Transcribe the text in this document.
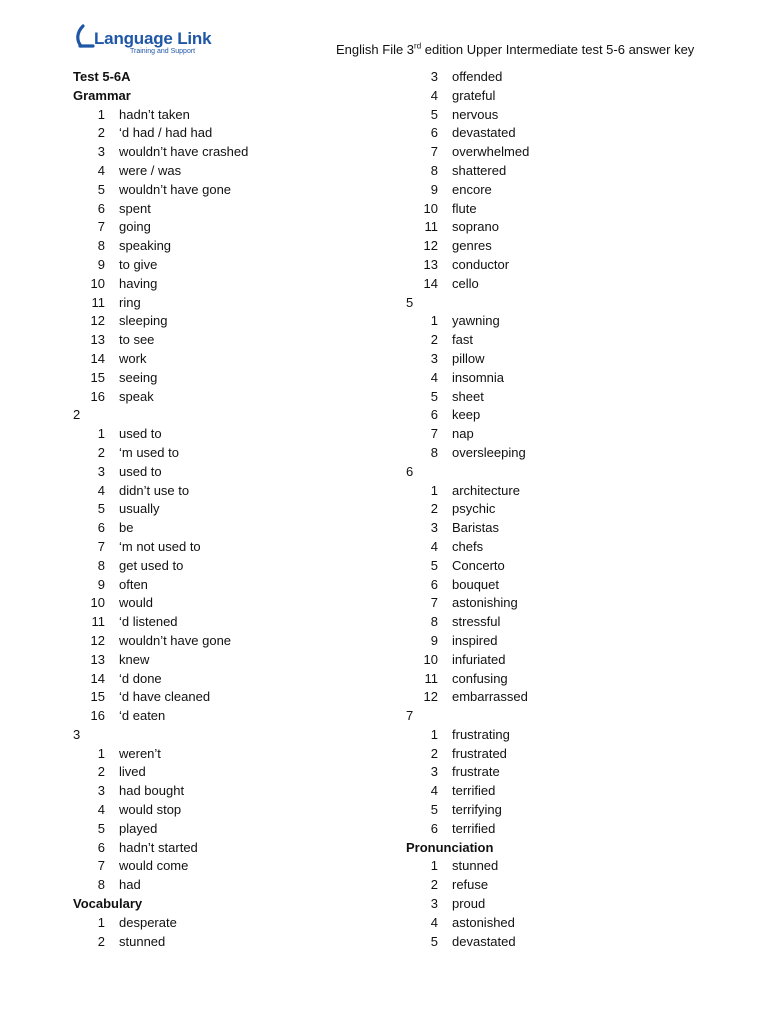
Language Link
Training and Support	English File 3rd edition Upper Intermediate test 5-6 answer key
Test 5-6A
Grammar
1 hadn’t taken
2 ‘d had / had had
3 wouldn’t have crashed
4 were / was
5 wouldn’t have gone
6 spent
7 going
8 speaking
9 to give
10 having
11 ring
12 sleeping
13 to see
14 work
15 seeing
16 speak
2
1 used to
2 ‘m used to
3 used to
4 didn’t use to
5 usually
6 be
7 ‘m not used to
8 get used to
9 often
10 would
11 ‘d listened
12 wouldn’t have gone
13 knew
14 ‘d done
15 ‘d have cleaned
16 ‘d eaten
3
1 weren’t
2 lived
3 had bought
4 would stop
5 played
6 hadn’t started
7 would come
8 had
Vocabulary
1 desperate
2 stunned
3 offended
4 grateful
5 nervous
6 devastated
7 overwhelmed
8 shattered
9 encore
10 flute
11 soprano
12 genres
13 conductor
14 cello
5
1 yawning
2 fast
3 pillow
4 insomnia
5 sheet
6 keep
7 nap
8 oversleeping
6
1 architecture
2 psychic
3 Baristas
4 chefs
5 Concerto
6 bouquet
7 astonishing
8 stressful
9 inspired
10 infuriated
11 confusing
12 embarrassed
7
1 frustrating
2 frustrated
3 frustrate
4 terrified
5 terrifying
6 terrified
Pronunciation
1 stunned
2 refuse
3 proud
4 astonished
5 devastated
